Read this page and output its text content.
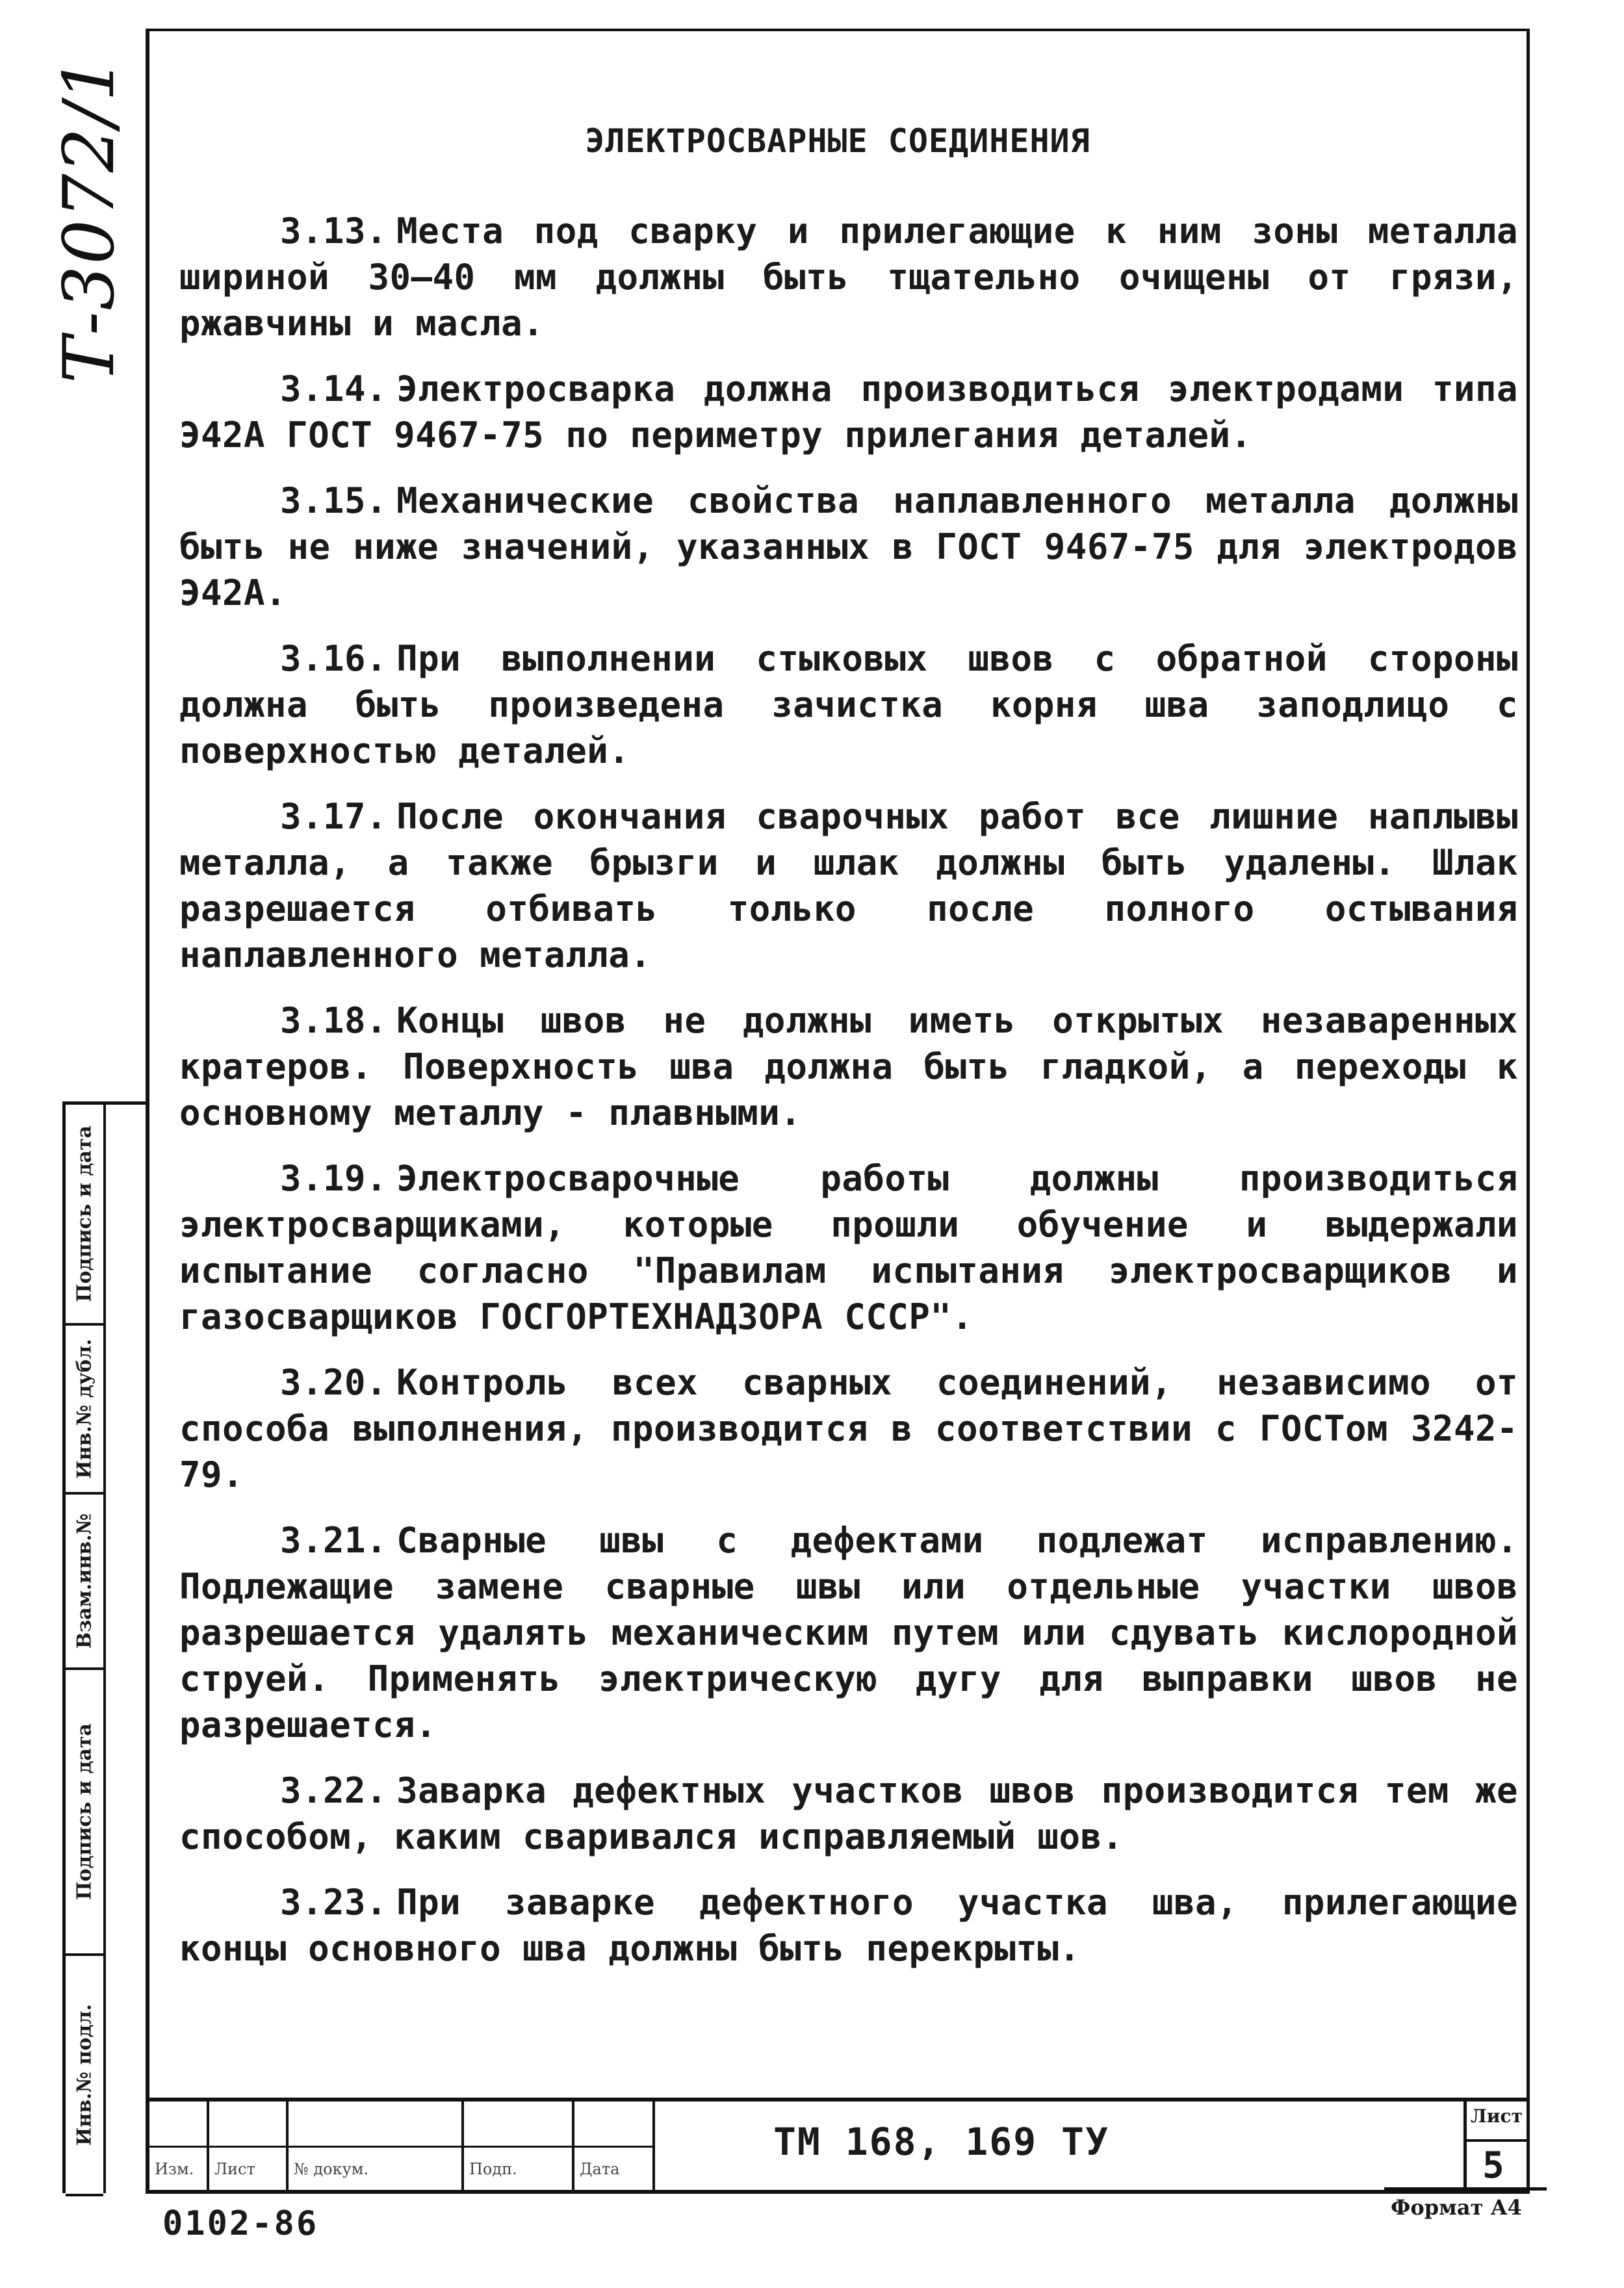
Т-3072/1	ЭЛЕКТРОСВАРНЫЕ СОЕДИНЕНИЯ

3.13. Места под сварку и прилегающие к ним зоны металла шириной 30–40 мм должны быть тщательно очищены от грязи, ржавчины и масла.

3.14. Электросварка должна производиться электродами типа Э42А ГОСТ 9467-75 по периметру прилегания деталей.

3.15. Механические свойства наплавленного металла должны быть не ниже значений, указанных в ГОСТ 9467-75 для электродов Э42А.

3.16. При выполнении стыковых швов с обратной стороны должна быть произведена зачистка корня шва заподлицо с поверхностью деталей.

3.17. После окончания сварочных работ все лишние наплывы металла, а также брызги и шлак должны быть удалены. Шлак разрешается отбивать только после полного остывания наплавленного металла.

3.18. Концы швов не должны иметь открытых незаваренных кратеров. Поверхность шва должна быть гладкой, а переходы к основному металлу - плавными.

3.19. Электросварочные работы должны производиться электросварщиками, которые прошли обучение и выдержали испытание согласно "Правилам испытания электросварщиков и газосварщиков ГОСГОРТЕХНАДЗОРА СССР".

3.20. Контроль всех сварных соединений, независимо от способа выполнения, производится в соответствии с ГОСТом 3242-79.

3.21. Сварные швы с дефектами подлежат исправлению. Подлежащие замене сварные швы или отдельные участки швов разрешается удалять механическим путем или сдувать кислородной струей. Применять электрическую дугу для выправки швов не разрешается.

3.22. Заварка дефектных участков швов производится тем же способом, каким сваривался исправляемый шов.

3.23. При заварке дефектного участка шва, прилегающие концы основного шва должны быть перекрыты.

Подпись и дата
Инв.№ дубл.
Взам.инв.№
Подпись и дата
Инв.№ подл.
Изм.	Лист	№ докум.	Подп.	Дата
ТМ 168, 169 ТУ
Лист
5
Формат А4
0102-86
